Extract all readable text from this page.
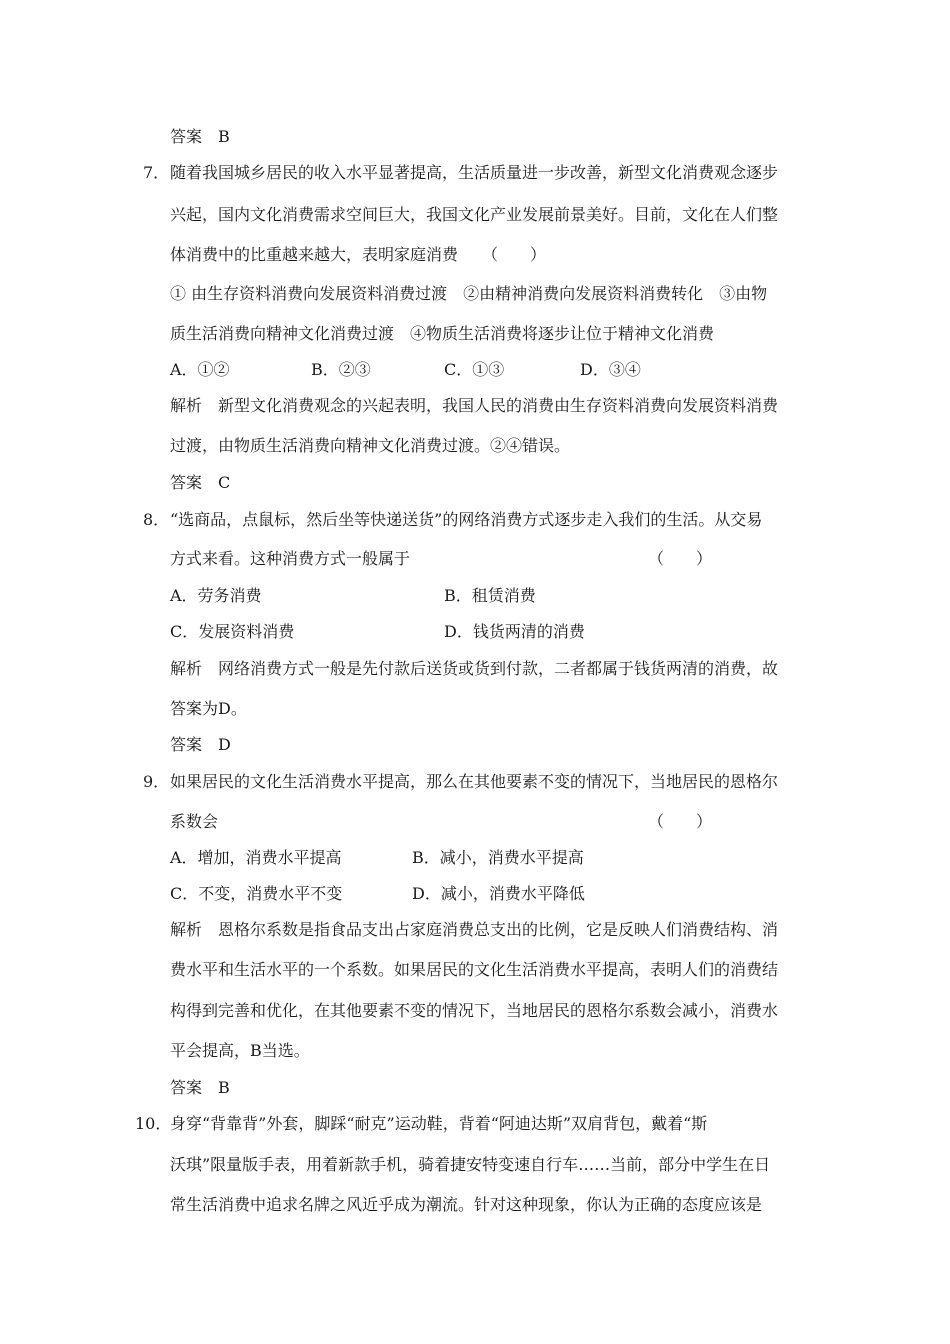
答案　B
7． 随着我国城乡居民的收入水平显著提高，生活质量进一步改善，新型文化消费观念逐步
兴起，国内文化消费需求空间巨大，我国文化产业发展前景美好。目前，文化在人们整
体消费中的比重越来越大，表明家庭消费　　（　　）
① 由生存资料消费向发展资料消费过渡　②由精神消费向发展资料消费转化　③由物
质生活消费向精神文化消费过渡　④物质生活消费将逐步让位于精神文化消费
A．①②	B．②③	C．①③	D．③④
解析　新型文化消费观念的兴起表明，我国人民的消费由生存资料消费向发展资料消费
过渡，由物质生活消费向精神文化消费过渡。②④错误。
答案　C
8． “选商品，点鼠标，然后坐等快递送货”的网络消费方式逐步走入我们的生活。从交易
方式来看。这种消费方式一般属于	（　　）
A．劳务消费	B．租赁消费
C．发展资料消费	D．钱货两清的消费
解析　网络消费方式一般是先付款后送货或货到付款，二者都属于钱货两清的消费，故
答案为D。
答案　D
9． 如果居民的文化生活消费水平提高，那么在其他要素不变的情况下，当地居民的恩格尔
系数会	（　　）
A．增加，消费水平提高	B．减小，消费水平提高
C．不变，消费水平不变	D．减小，消费水平降低
解析　恩格尔系数是指食品支出占家庭消费总支出的比例，它是反映人们消费结构、消
费水平和生活水平的一个系数。如果居民的文化生活消费水平提高，表明人们的消费结
构得到完善和优化，在其他要素不变的情况下，当地居民的恩格尔系数会减小，消费水
平会提高，B当选。
答案　B
10．
身穿“背靠背”外套，脚踩“耐克”运动鞋，背着“阿迪达斯”双肩背包，戴着“斯
沃琪”限量版手表，用着新款手机，骑着捷安特变速自行车……当前，部分中学生在日
常生活消费中追求名牌之风近乎成为潮流。针对这种现象，你认为正确的态度应该是
